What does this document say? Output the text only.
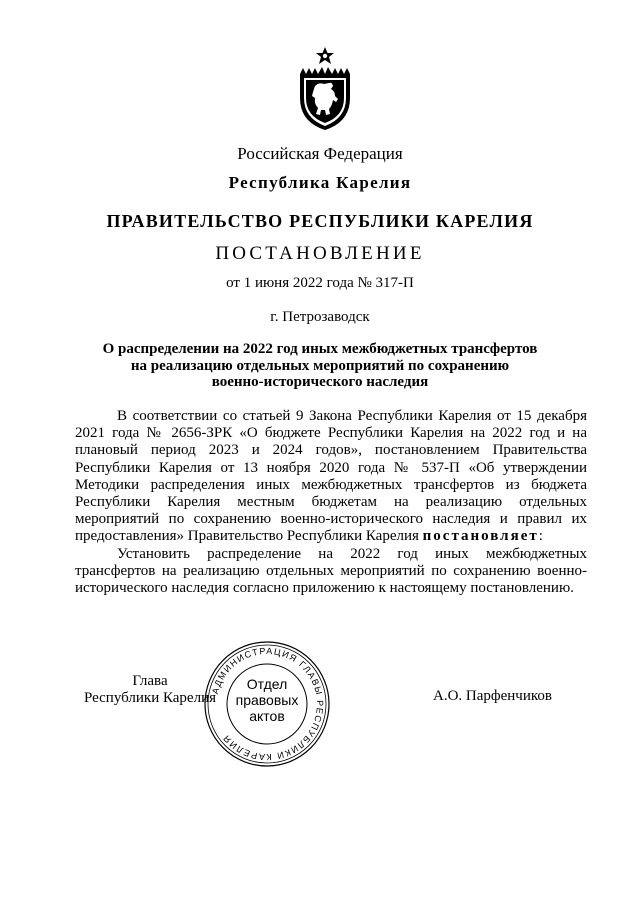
Российская Федерация
Республика Карелия
ПРАВИТЕЛЬСТВО РЕСПУБЛИКИ КАРЕЛИЯ
ПОСТАНОВЛЕНИЕ
от 1 июня 2022 года № 317-П
г. Петрозаводск
О распределении на 2022 год иных межбюджетных трансфертов
на реализацию отдельных мероприятий по сохранению
военно-исторического наследия

В соответствии со статьей 9 Закона Республики Карелия от 15 декабря 2021 года № 2656-ЗРК «О бюджете Республики Карелия на 2022 год и на плановый период 2023 и 2024 годов», постановлением Правительства Республики Карелия от 13 ноября 2020 года № 537-П «Об утверждении Методики распределения иных межбюджетных трансфертов из бюджета Республики Карелия местным бюджетам на реализацию отдельных мероприятий по сохранению военно-исторического наследия и правил их предоставления» Правительство Республики Карелия постановляет:

Установить распределение на 2022 год иных межбюджетных трансфертов на реализацию отдельных мероприятий по сохранению военно-исторического наследия согласно приложению к настоящему постановлению.

Глава
Республики Карелия	А.О. Парфенчиков
АДМИНИСТРАЦИЯ ГЛАВЫ РЕСПУБЛИКИ КАРЕЛИЯ
Отдел
правовых
актов
